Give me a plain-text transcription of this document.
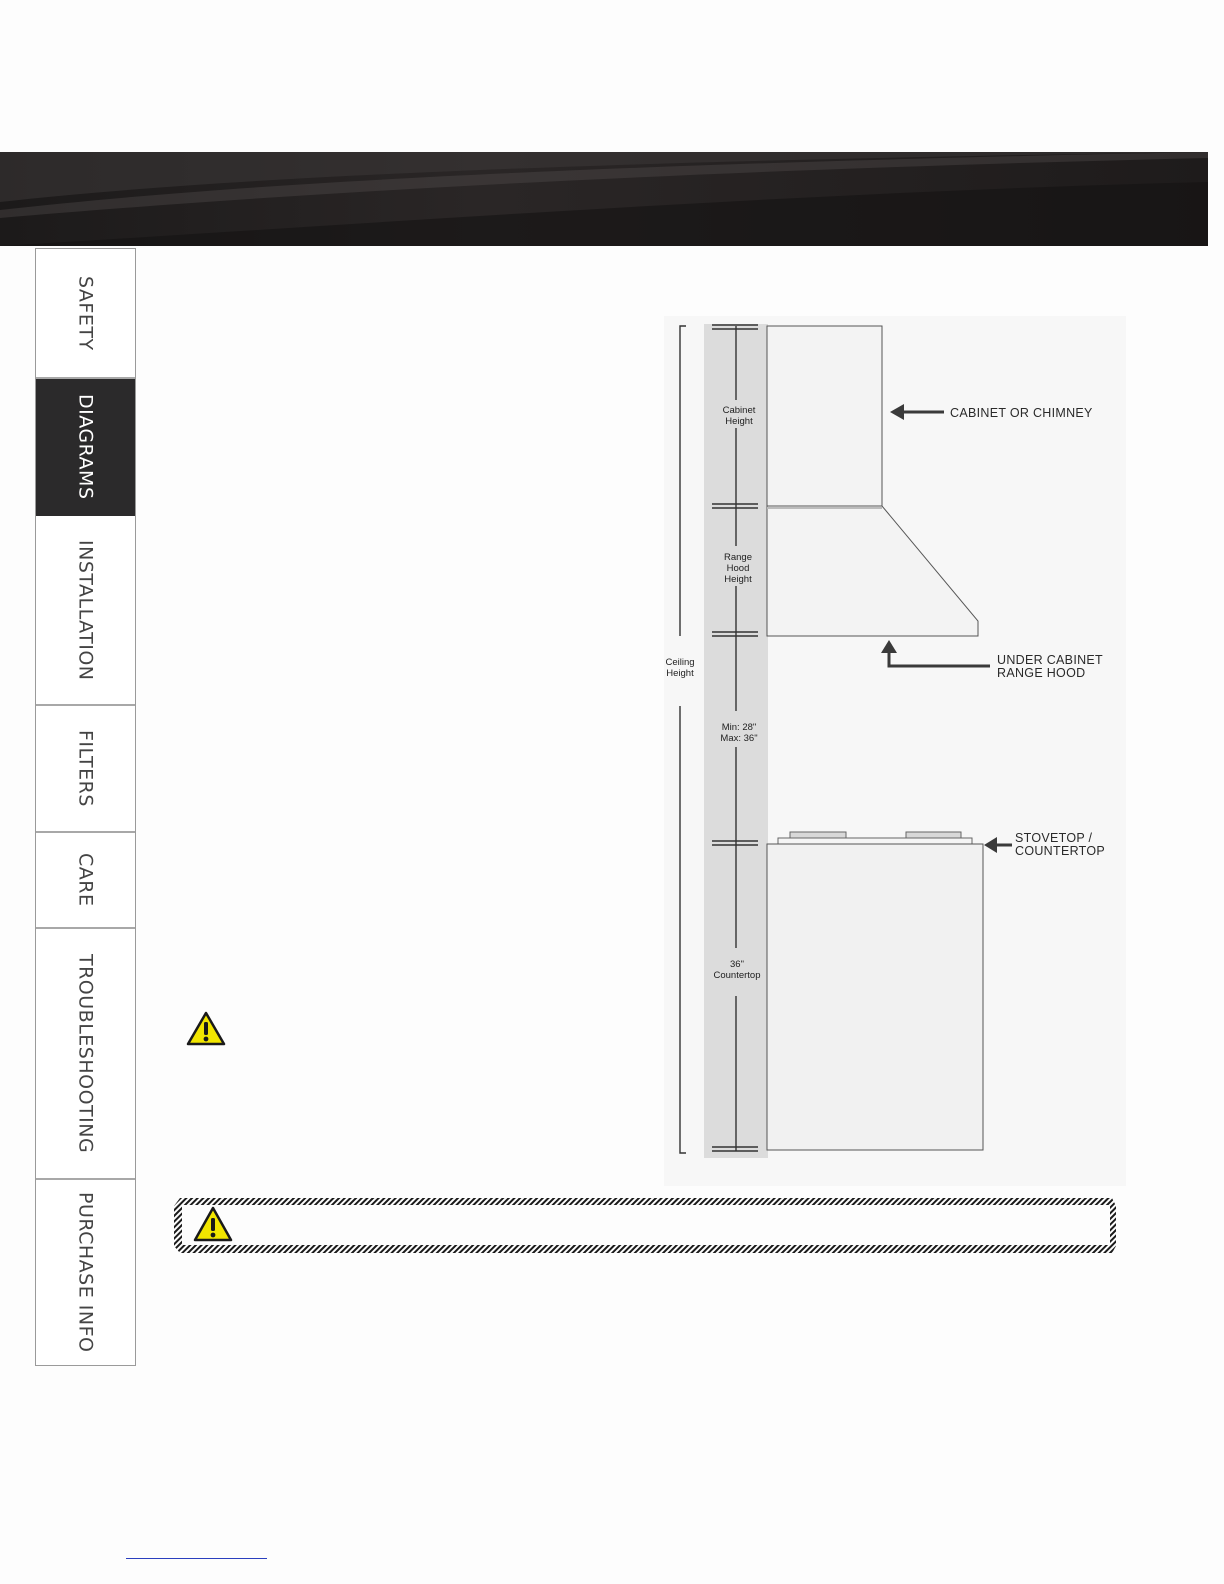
SAFETY
DIAGRAMS
INSTALLATION
FILTERS
CARE
TROUBLESHOOTING
PURCHASE INFO
Ceiling
Height
Cabinet
Height
Range
Hood
Height
Min: 28"
Max: 36"
36"
Countertop
CABINET OR CHIMNEY
UNDER CABINET
RANGE HOOD
STOVETOP /
COUNTERTOP
